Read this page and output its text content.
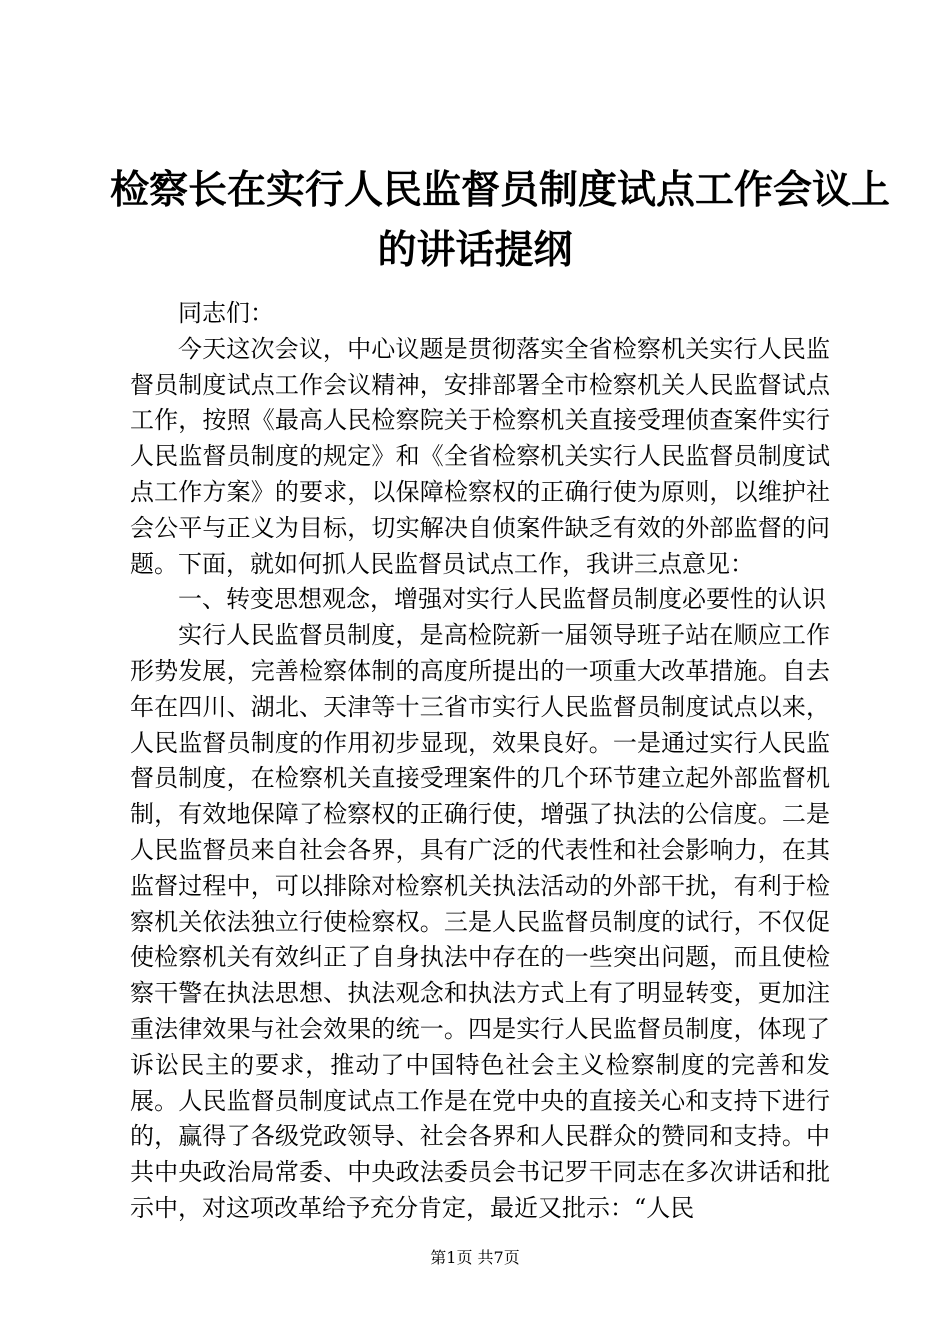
检察长在实行人民监督员制度试点工作会议上
的讲话提纲

同志们：

今天这次会议，中心议题是贯彻落实全省检察机关实行人民监督员制度试点工作会议精神，安排部署全市检察机关人民监督试点工作，按照《最高人民检察院关于检察机关直接受理侦查案件实行人民监督员制度的规定》和《全省检察机关实行人民监督员制度试点工作方案》的要求，以保障检察权的正确行使为原则，以维护社会公平与正义为目标，切实解决自侦案件缺乏有效的外部监督的问题。下面，就如何抓人民监督员试点工作，我讲三点意见：

一、转变思想观念，增强对实行人民监督员制度必要性的认识

实行人民监督员制度，是高检院新一届领导班子站在顺应工作形势发展，完善检察体制的高度所提出的一项重大改革措施。自去年在四川、湖北、天津等十三省市实行人民监督员制度试点以来，人民监督员制度的作用初步显现，效果良好。一是通过实行人民监督员制度，在检察机关直接受理案件的几个环节建立起外部监督机制，有效地保障了检察权的正确行使，增强了执法的公信度。二是人民监督员来自社会各界，具有广泛的代表性和社会影响力，在其监督过程中，可以排除对检察机关执法活动的外部干扰，有利于检察机关依法独立行使检察权。三是人民监督员制度的试行，不仅促使检察机关有效纠正了自身执法中存在的一些突出问题，而且使检察干警在执法思想、执法观念和执法方式上有了明显转变，更加注重法律效果与社会效果的统一。四是实行人民监督员制度，体现了诉讼民主的要求，推动了中国特色社会主义检察制度的完善和发展。人民监督员制度试点工作是在党中央的直接关心和支持下进行的，赢得了各级党政领导、社会各界和人民群众的赞同和支持。中共中央政治局常委、中央政法委员会书记罗干同志在多次讲话和批示中，对这项改革给予充分肯定，最近又批示：“人民

第1页 共7页
